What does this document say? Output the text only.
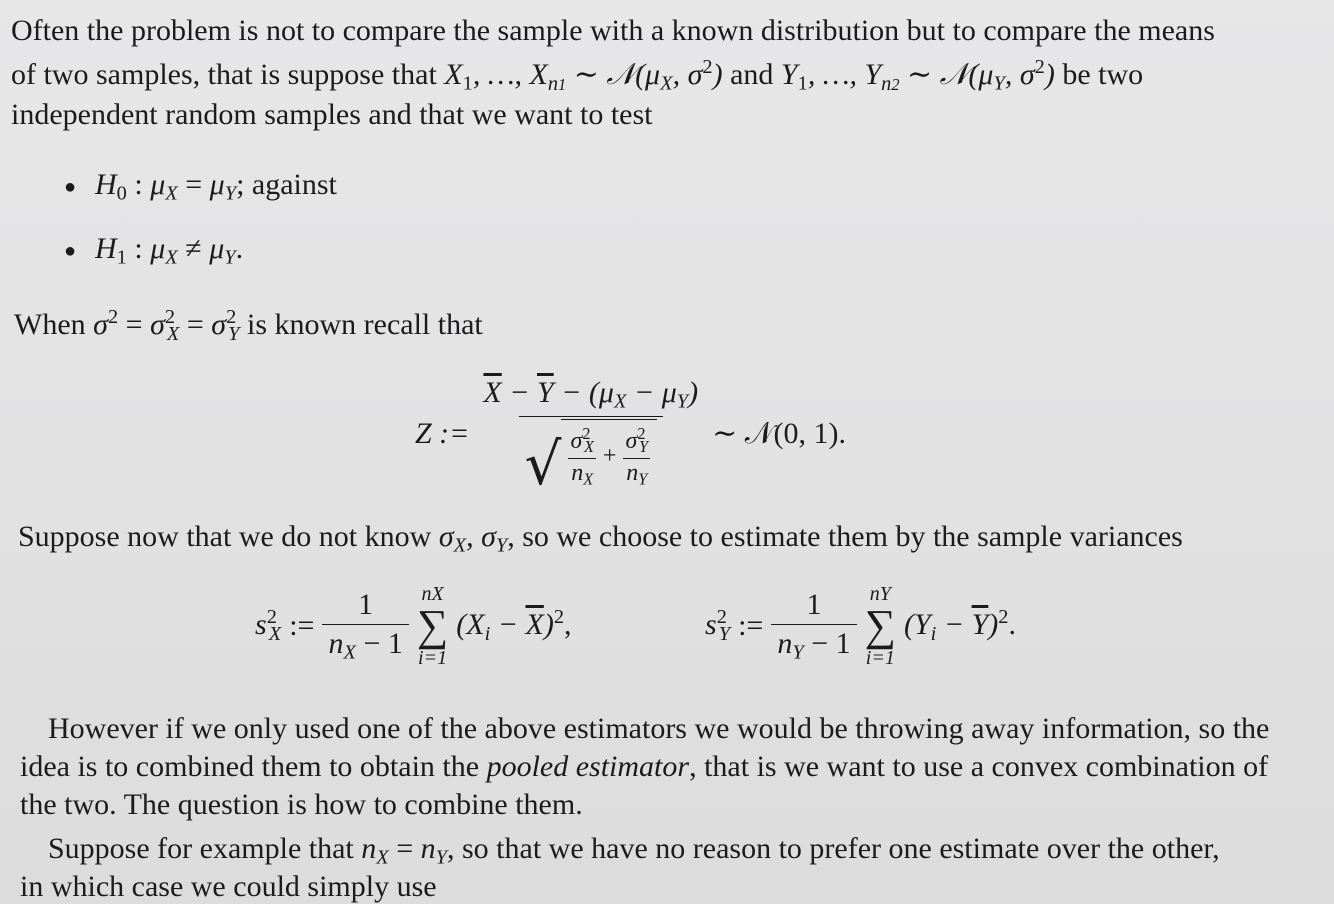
Often the problem is not to compare the sample with a known distribution but to compare the means
of two samples, that is suppose that $X_1$, …, $X_{n1}$ ∼ $𝒩(\mu_X$, $\sigma^2$) and $Y_1$, …, $Y_{n2}$ ∼ $𝒩(\mu_Y$, $\sigma^2$) be two
independent random samples and that we want to test
● $H_0$ : $\mu_X = \mu_Y$; against
● $H_1$ : $\mu_X \ne \mu_Y$.
When $\sigma^2 = \sigma^2_X = \sigma^2_Y$ is known recall that
Z := $\frac{\overline{X} - \overline{Y} - (\mu_X - \mu_Y)}{√ \frac{\sigma^2_X}{n_X} + \frac{\sigma^2_Y}{n_Y}}$ ∼ 𝒩(0, 1).
Suppose now that we do not know $\sigma_X$, $\sigma_Y$, so we choose to estimate them by the sample variances
$s^2_X$ := $\frac{1}{n_X - 1}$ nX
∑
i=1
$(X_i - \overline{X})^2$,	$s^2_Y$ := $\frac{1}{n_Y - 1}$ nY
∑
i=1
$(Y_i - \overline{Y})^2$.
However if we only used one of the above estimators we would be throwing away information, so the
idea is to combined them to obtain the pooled estimator, that is we want to use a convex combination of
the two. The question is how to combine them.
Suppose for example that $n_X = n_Y$, so that we have no reason to prefer one estimate over the other,
in which case we could simply use
